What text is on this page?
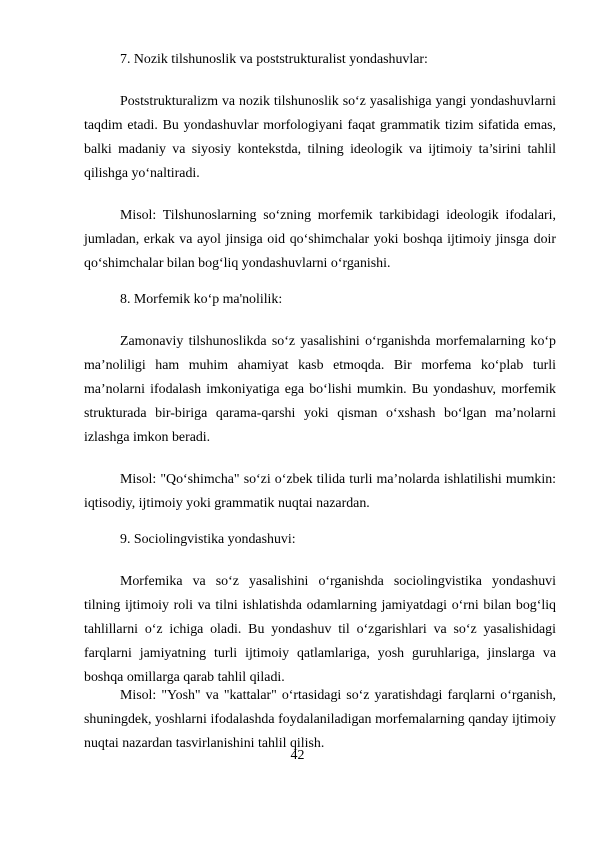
7. Nozik tilshunoslik va poststrukturalist yondashuvlar:

Poststrukturalizm va nozik tilshunoslik so‘z yasalishiga yangi yondashuvlarni taqdim etadi. Bu yondashuvlar morfologiyani faqat grammatik tizim sifatida emas, balki madaniy va siyosiy kontekstda, tilning ideologik va ijtimoiy ta’sirini tahlil qilishga yo‘naltiradi.

Misol: Tilshunoslarning so‘zning morfemik tarkibidagi ideologik ifodalari, jumladan, erkak va ayol jinsiga oid qo‘shimchalar yoki boshqa ijtimoiy jinsga doir qo‘shimchalar bilan bog‘liq yondashuvlarni o‘rganishi.

8. Morfemik ko‘p ma'nolilik:

Zamonaviy tilshunoslikda so‘z yasalishini o‘rganishda morfemalarning ko‘p ma’noliligi ham muhim ahamiyat kasb etmoqda. Bir morfema ko‘plab turli ma’nolarni ifodalash imkoniyatiga ega bo‘lishi mumkin. Bu yondashuv, morfemik strukturada bir-biriga qarama-qarshi yoki qisman o‘xshash bo‘lgan ma’nolarni izlashga imkon beradi.

Misol: "Qo‘shimcha" so‘zi o‘zbek tilida turli ma’nolarda ishlatilishi mumkin: iqtisodiy, ijtimoiy yoki grammatik nuqtai nazardan.

9. Sociolingvistika yondashuvi:

Morfemika va so‘z yasalishini o‘rganishda sociolingvistika yondashuvi tilning ijtimoiy roli va tilni ishlatishda odamlarning jamiyatdagi o‘rni bilan bog‘liq tahlillarni o‘z ichiga oladi. Bu yondashuv til o‘zgarishlari va so‘z yasalishidagi farqlarni jamiyatning turli ijtimoiy qatlamlariga, yosh guruhlariga, jinslarga va boshqa omillarga qarab tahlil qiladi.

Misol: "Yosh" va "kattalar" o‘rtasidagi so‘z yaratishdagi farqlarni o‘rganish, shuningdek, yoshlarni ifodalashda foydalaniladigan morfemalarning qanday ijtimoiy nuqtai nazardan tasvirlanishini tahlil qilish.

42
